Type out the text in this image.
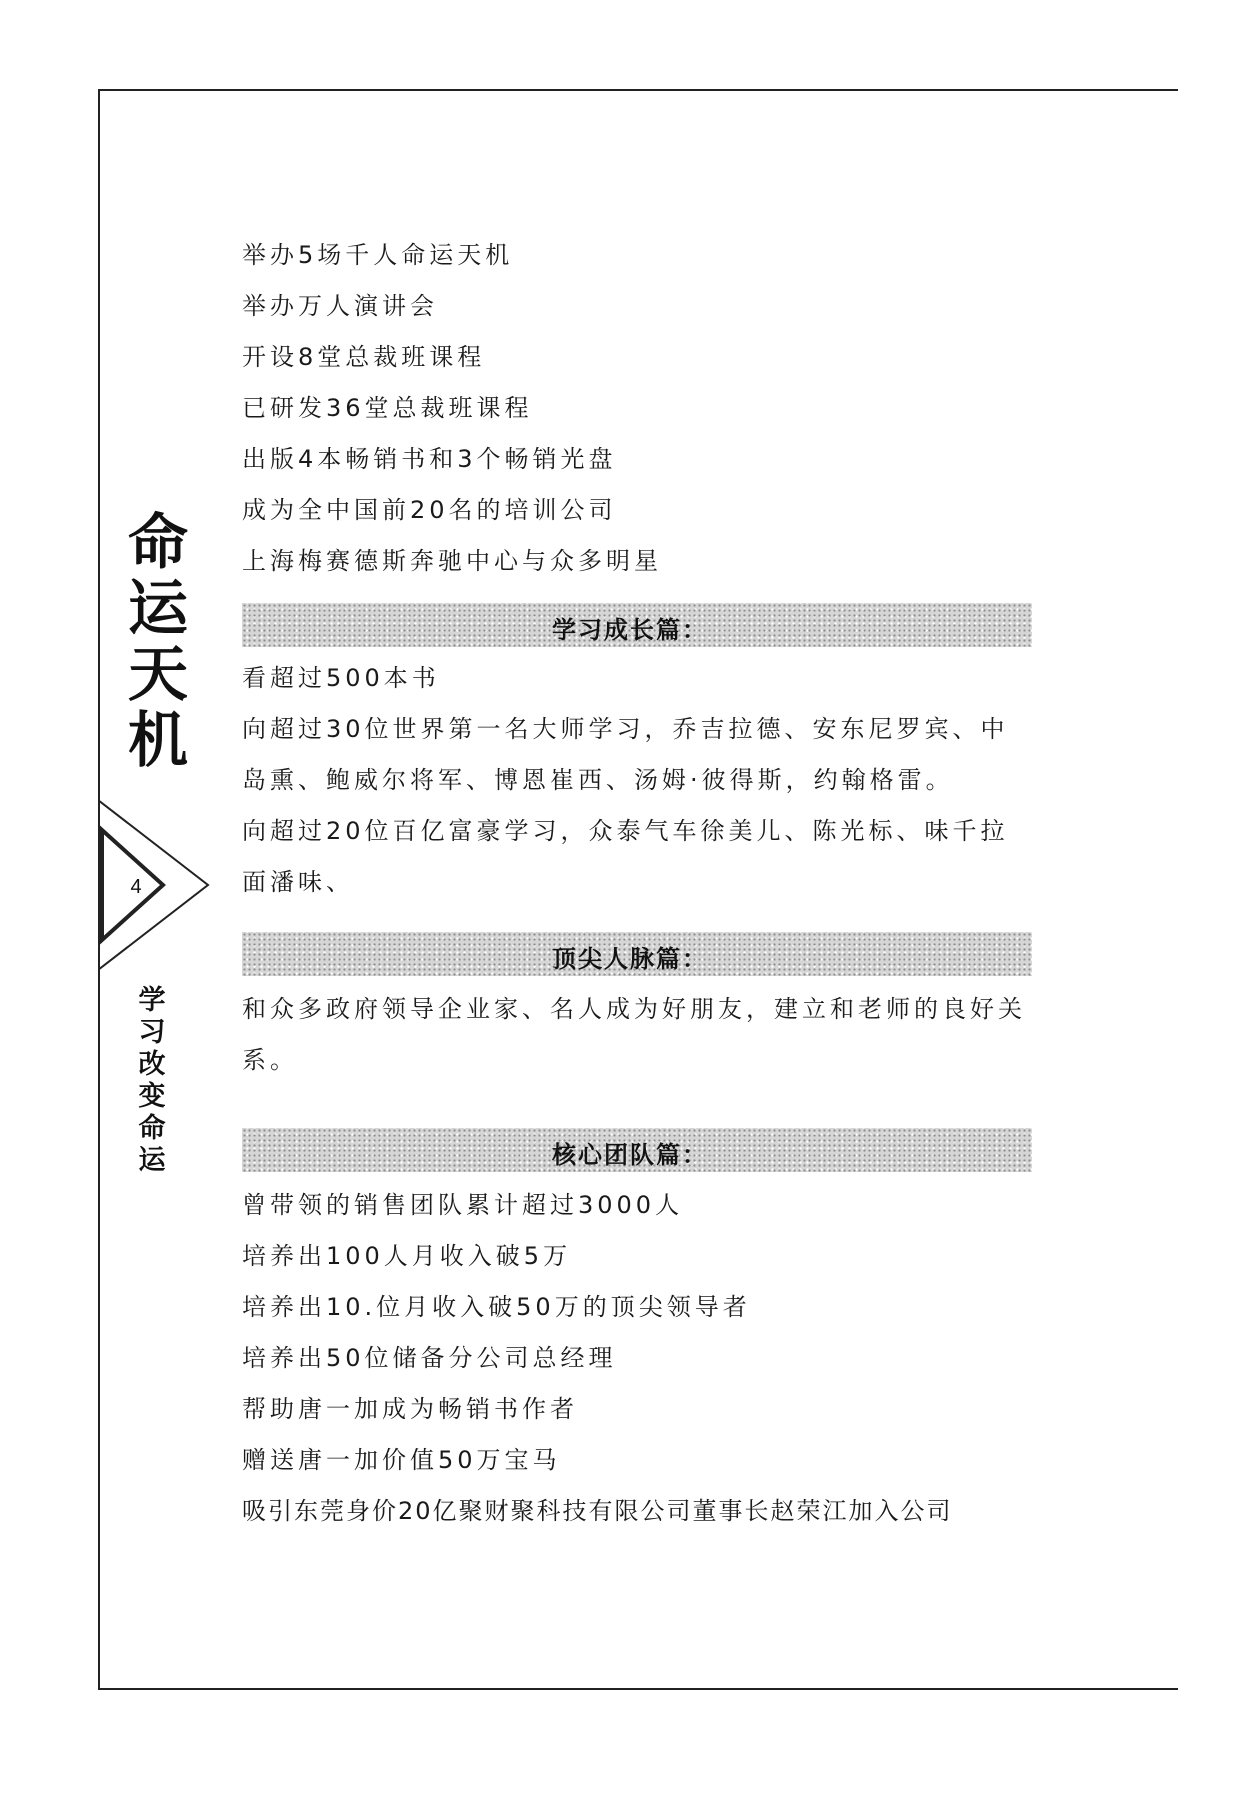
命运天机
4
学习改变命运
举办5场千人命运天机
举办万人演讲会
开设8堂总裁班课程
已研发36堂总裁班课程
出版4本畅销书和3个畅销光盘
成为全中国前20名的培训公司
上海梅赛德斯奔驰中心与众多明星
学习成长篇：
看超过500本书
向超过30位世界第一名大师学习，乔吉拉德、安东尼罗宾、中岛熏、鲍威尔将军、博恩崔西、汤姆·彼得斯，约翰格雷。
向超过20位百亿富豪学习，众泰气车徐美儿、陈光标、味千拉面潘味、
顶尖人脉篇：
和众多政府领导企业家、名人成为好朋友，建立和老师的良好关系。
核心团队篇：
曾带领的销售团队累计超过3000人
培养出100人月收入破5万
培养出10.位月收入破50万的顶尖领导者
培养出50位储备分公司总经理
帮助唐一加成为畅销书作者
赠送唐一加价值50万宝马
吸引东莞身价20亿聚财聚科技有限公司董事长赵荣江加入公司
